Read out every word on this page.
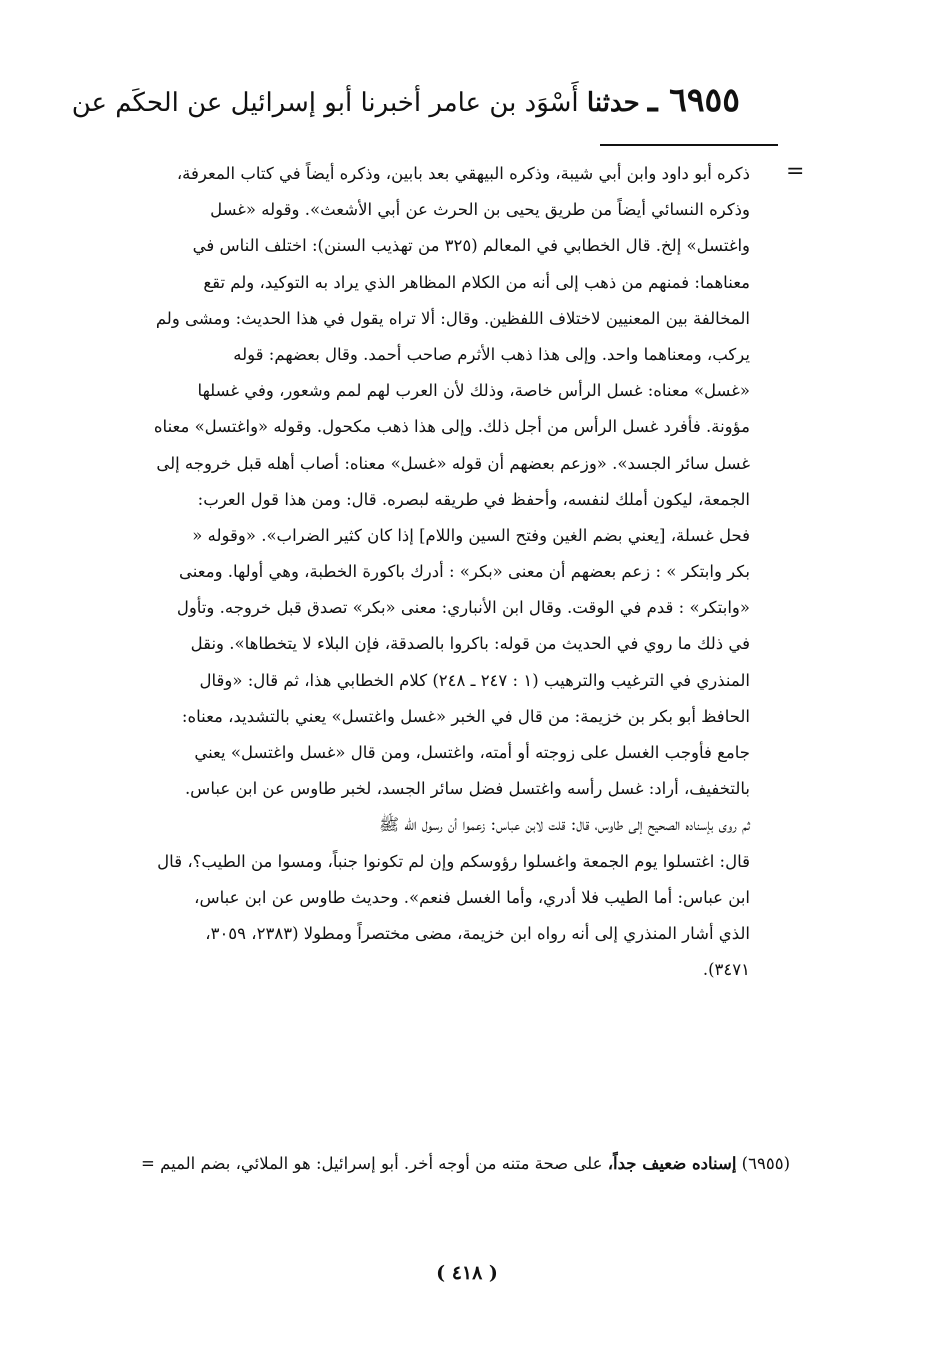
٦٩٥٥ ـ حدثنا أَسْوَد بن عامر أخبرنا أبو إسرائيل عن الحكَم عن
=
ذكره أبو داود وابن أبي شيبة، وذكره البيهقي بعد بابين، وذكره أيضاً في كتاب المعرفة،
وذكره النسائي أيضاً من طريق يحيى بن الحرث عن أبي الأشعث». وقوله «غسل
واغتسل» إلخ. قال الخطابي في المعالم (٣٢٥ من تهذيب السنن): اختلف الناس في
معناهما: فمنهم من ذهب إلى أنه من الكلام المظاهر الذي يراد به التوكيد، ولم تقع
المخالفة بين المعنيين لاختلاف اللفظين. وقال: ألا تراه يقول في هذا الحديث: ومشى ولم
يركب، ومعناهما واحد. وإلى هذا ذهب الأثرم صاحب أحمد. وقال بعضهم: قوله
«غسل» معناه: غسل الرأس خاصة، وذلك لأن العرب لهم لمم وشعور، وفي غسلها
مؤونة. فأفرد غسل الرأس من أجل ذلك. وإلى هذا ذهب مكحول. وقوله «واغتسل» معناه
غسل سائر الجسد». «وزعم بعضهم أن قوله «غسل» معناه: أصاب أهله قبل خروجه إلى
الجمعة، ليكون أملك لنفسه، وأحفظ في طريقه لبصره. قال: ومن هذا قول العرب:
فحل غسلة، [يعني بضم الغين وفتح السين واللام] إذا كان كثير الضراب». «وقوله «
بكر وابتكر » : زعم بعضهم أن معنى «بكر» : أدرك باكورة الخطبة، وهي أولها. ومعنى
«وابتكر» : قدم في الوقت. وقال ابن الأنباري: معنى «بكر» تصدق قبل خروجه. وتأول
في ذلك ما روي في الحديث من قوله: باكروا بالصدقة، فإن البلاء لا يتخطاها». ونقل
المنذري في الترغيب والترهيب (١ : ٢٤٧ ـ ٢٤٨) كلام الخطابي هذا، ثم قال: «وقال
الحافظ أبو بكر بن خزيمة: من قال في الخبر «غسل واغتسل» يعني بالتشديد، معناه:
جامع فأوجب الغسل على زوجته أو أمته، واغتسل، ومن قال «غسل واغتسل» يعني
بالتخفيف، أراد: غسل رأسه واغتسل فضل سائر الجسد، لخبر طاوس عن ابن عباس.
ثم روى بإسناده الصحيح إلى طاوس، قال: قلت لابن عباس: زعموا أن رسول الله ﷺ
قال: اغتسلوا يوم الجمعة واغسلوا رؤوسكم وإن لم تكونوا جنباً، ومسوا من الطيب؟، قال
ابن عباس: أما الطيب فلا أدري، وأما الغسل فنعم». وحديث طاوس عن ابن عباس،
الذي أشار المنذري إلى أنه رواه ابن خزيمة، مضى مختصراً ومطولا (٢٣٨٣، ٣٠٥٩،
٣٤٧١).
(٦٩٥٥) إسناده ضعيف جداً، على صحة متنه من أوجه أخر. أبو إسرائيل: هو الملائي، بضم الميم =
( ٤١٨ )
